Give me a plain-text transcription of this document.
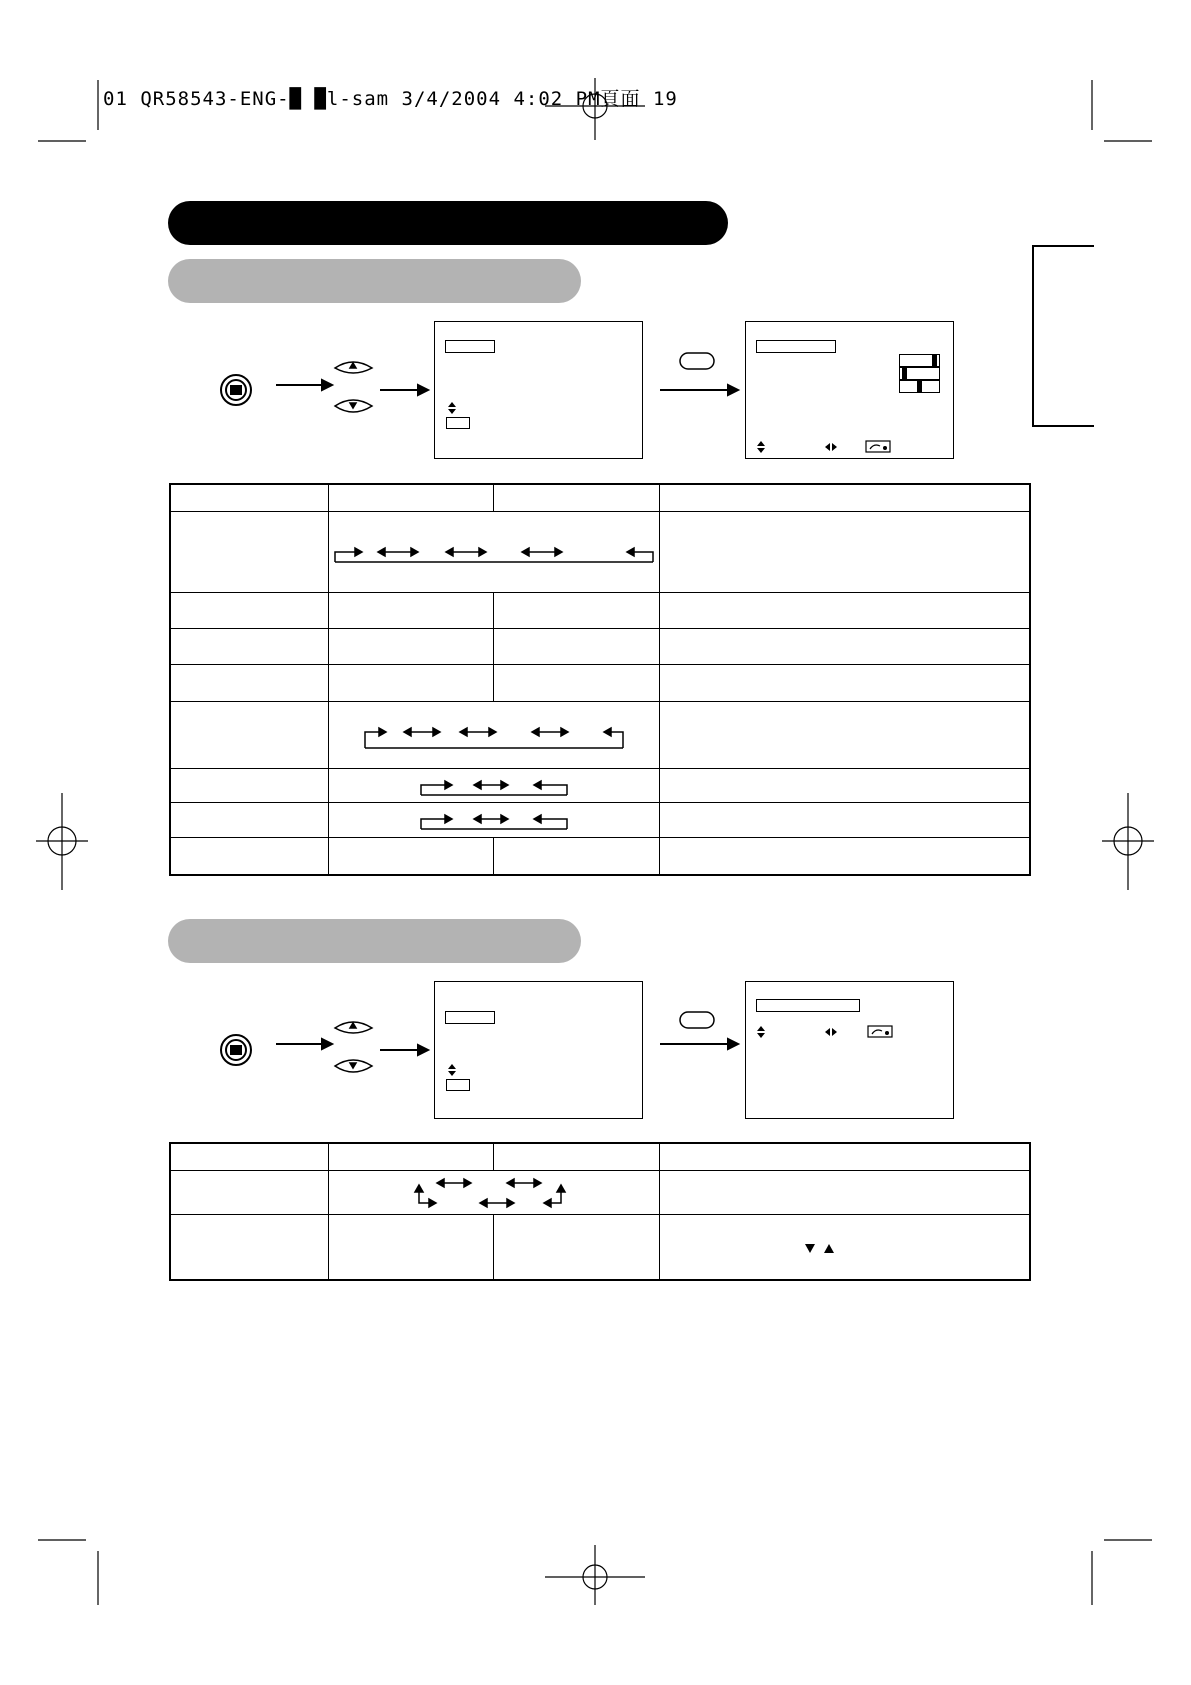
01 QR58543-ENG-█ █l-sam 3/4/2004 4:02 PM頁面 19
